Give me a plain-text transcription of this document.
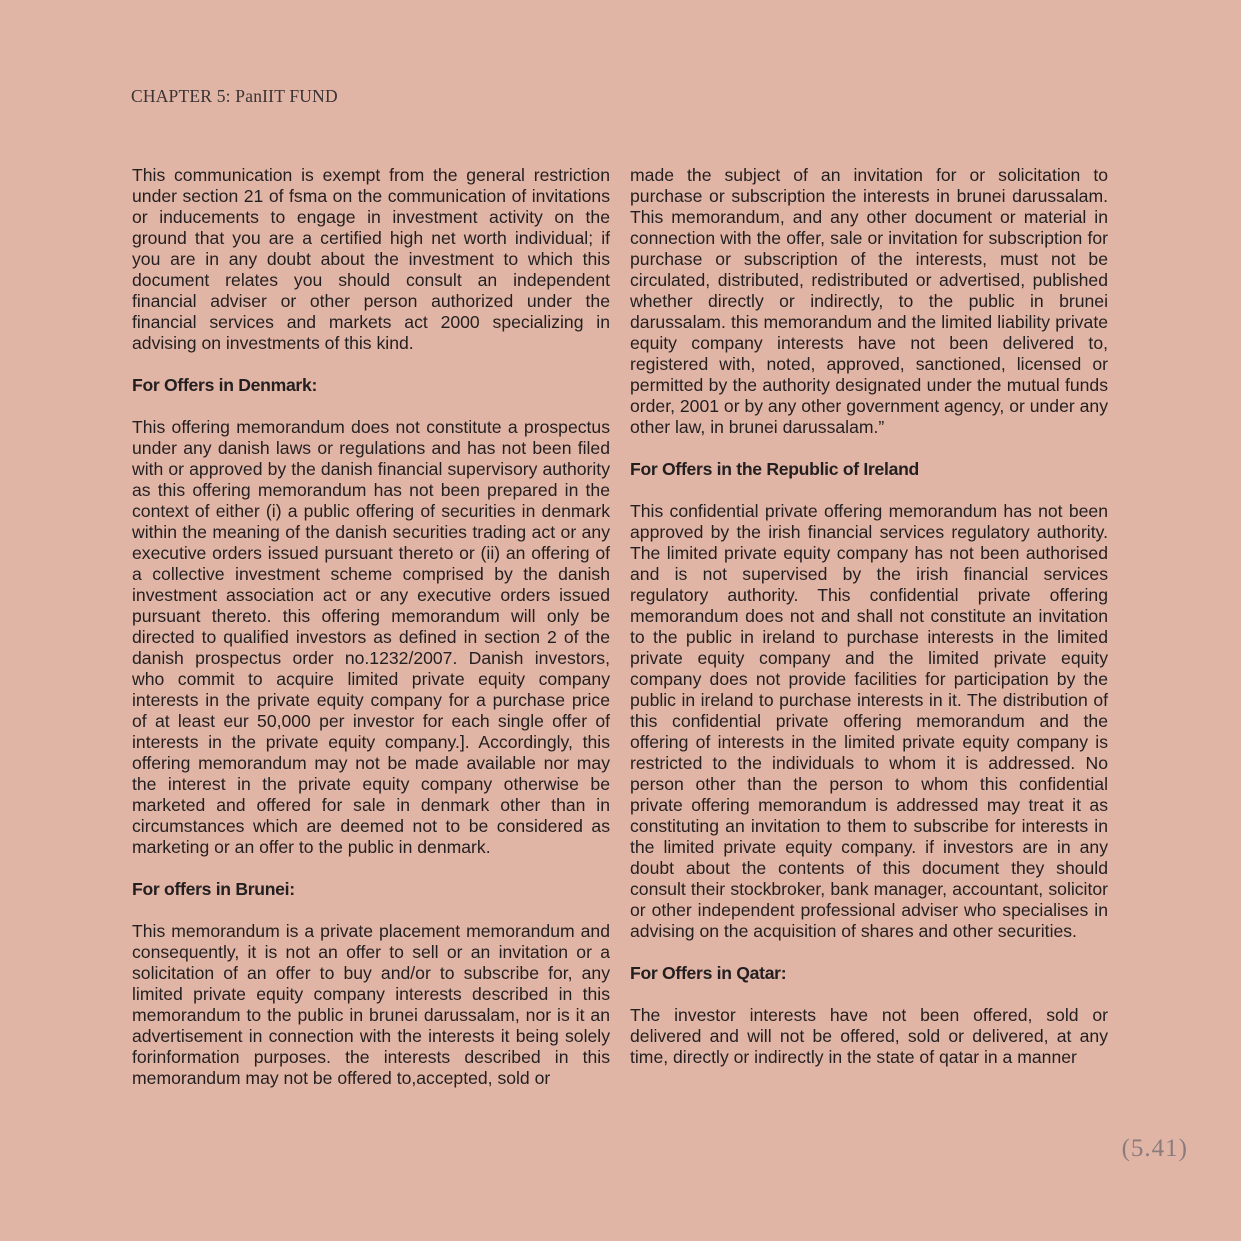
CHAPTER 5: PanIIT FUND

This communication is exempt from the general restriction under section 21 of fsma on the communication of invitations or inducements to engage in investment activity on the ground that you are a certified high net worth individual; if you are in any doubt about the investment to which this document relates you should consult an independent financial adviser or other person authorized under the financial services and markets act 2000 specializing in advising on investments of this kind.

For Offers in Denmark:

This offering memorandum does not constitute a prospectus under any danish laws or regulations and has not been filed with or approved by the danish financial supervisory authority as this offering memorandum has not been prepared in the context of either (i) a public offering of securities in denmark within the meaning of the danish securities trading act or any executive orders issued pursuant thereto or (ii) an offering of a collective investment scheme comprised by the danish investment association act or any executive orders issued pursuant thereto. this offering memorandum will only be directed to qualified investors as defined in section 2 of the danish prospectus order no.1232/2007. Danish investors, who commit to acquire limited private equity company interests in the private equity company for a purchase price of at least eur 50,000 per investor for each single offer of interests in the private equity company.]. Accordingly, this offering memorandum may not be made available nor may the interest in the private equity company otherwise be marketed and offered for sale in denmark other than in circumstances which are deemed not to be considered as marketing or an offer to the public in denmark.

For offers in Brunei:

This memorandum is a private placement memorandum and consequently, it is not an offer to sell or an invitation or a solicitation of an offer to buy and/or to subscribe for, any limited private equity company interests described in this memorandum to the public in brunei darussalam, nor is it an advertisement in connection with the interests it being solely forinformation purposes. the interests described in this memorandum may not be offered to,accepted, sold or

made the subject of an invitation for or solicitation to purchase or subscription the interests in brunei darussalam. This memorandum, and any other document or material in connection with the offer, sale or invitation for subscription for purchase or subscription of the interests, must not be circulated, distributed, redistributed or advertised, published whether directly or indirectly, to the public in brunei darussalam. this memorandum and the limited liability private equity company interests have not been delivered to, registered with, noted, approved, sanctioned, licensed or permitted by the authority designated under the mutual funds order, 2001 or by any other government agency, or under any other law, in brunei darussalam.”

For Offers in the Republic of Ireland

This confidential private offering memorandum has not been approved by the irish financial services regulatory authority. The limited private equity company has not been authorised and is not supervised by the irish financial services regulatory authority. This confidential private offering memorandum does not and shall not constitute an invitation to the public in ireland to purchase interests in the limited private equity company and the limited private equity company does not provide facilities for participation by the public in ireland to purchase interests in it. The distribution of this confidential private offering memorandum and the offering of interests in the limited private equity company is restricted to the individuals to whom it is addressed. No person other than the person to whom this confidential private offering memorandum is addressed may treat it as constituting an invitation to them to subscribe for interests in the limited private equity company. if investors are in any doubt about the contents of this document they should consult their stockbroker, bank manager, accountant, solicitor or other independent professional adviser who specialises in advising on the acquisition of shares and other securities.

For Offers in Qatar:

The investor interests have not been offered, sold or delivered and will not be offered, sold or delivered, at any time, directly or indirectly in the state of qatar in a manner

(5.41)
